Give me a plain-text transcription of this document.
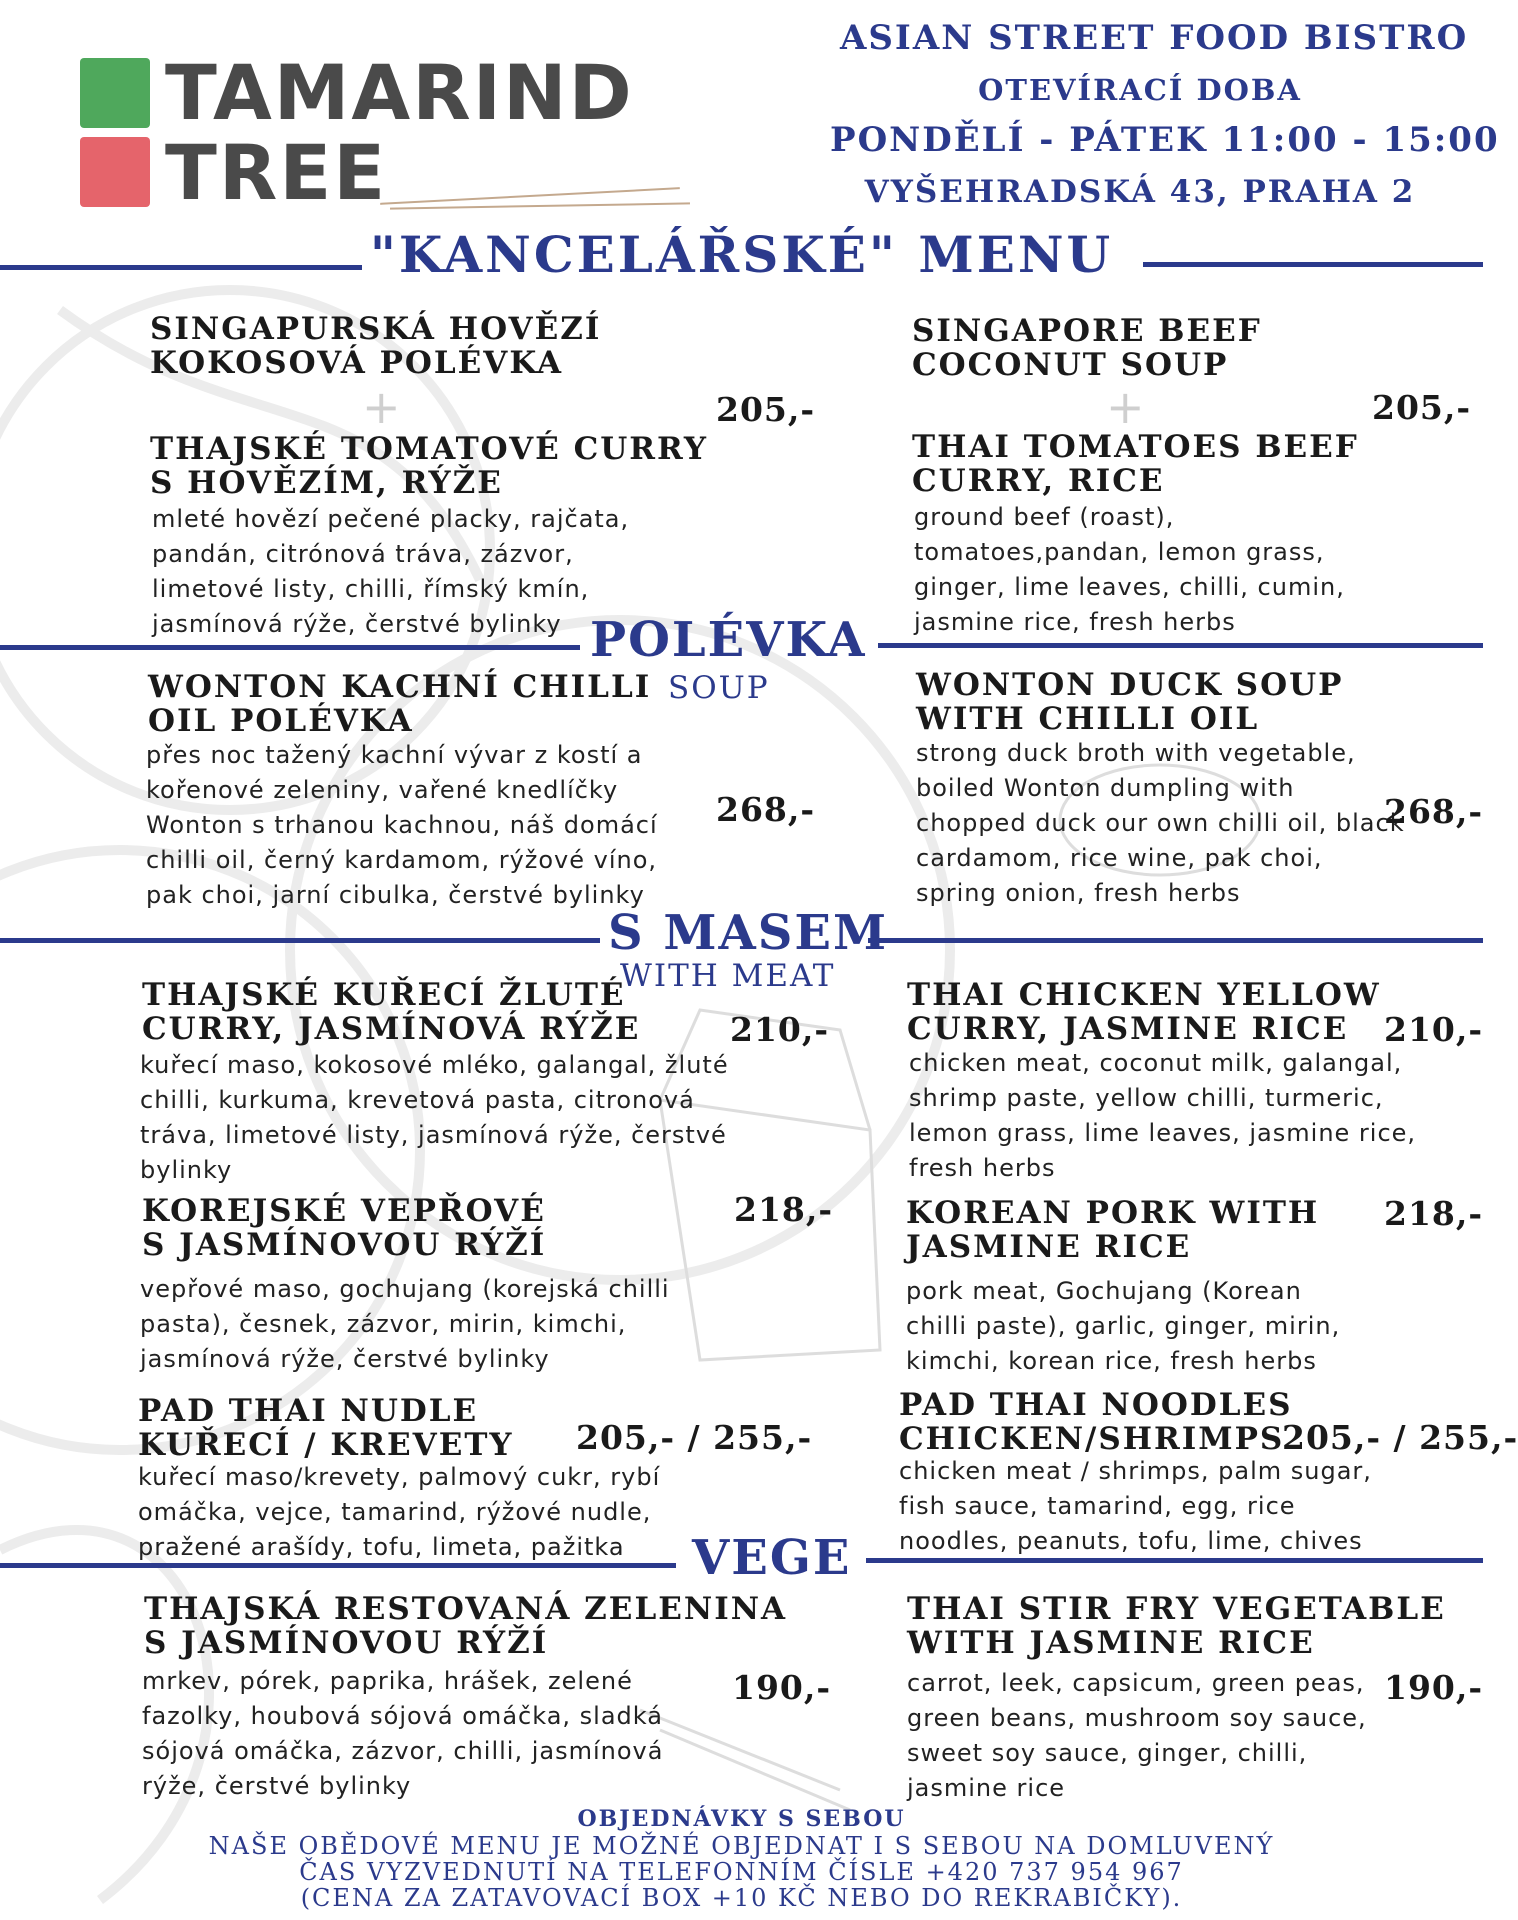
TAMARIND
TREE
ASIAN STREET FOOD BISTRO
OTEVÍRACÍ DOBA
PONDĚLÍ - PÁTEK 11:00 - 15:00
VYŠEHRADSKÁ 43, PRAHA 2
"KANCELÁŘSKÉ" MENU
SINGAPURSKÁ HOVĚZÍ
KOKOSOVÁ POLÉVKA
+	205,-
THAJSKÉ TOMATOVÉ CURRY
S HOVĚZÍM, RÝŽE
mleté hovězí pečené placky, rajčata, pandán, citrónová tráva, zázvor, limetové listy, chilli, římský kmín, jasmínová rýže, čerstvé bylinky
SINGAPORE BEEF
COCONUT SOUP
+	205,-
THAI TOMATOES BEEF
CURRY, RICE
ground beef (roast), tomatoes,pandan, lemon grass, ginger, lime leaves, chilli, cumin, jasmine rice, fresh herbs
POLÉVKA
SOUP
WONTON KACHNÍ CHILLI
OIL POLÉVKA
přes noc tažený kachní vývar z kostí a kořenové zeleniny, vařené knedlíčky Wonton s trhanou kachnou, náš domácí chilli oil, černý kardamom, rýžové víno, pak choi, jarní cibulka, čerstvé bylinky
268,-
WONTON DUCK SOUP
WITH CHILLI OIL
strong duck broth with vegetable, boiled Wonton dumpling with chopped duck our own chilli oil, black cardamom, rice wine, pak choi, spring onion, fresh herbs
268,-
S MASEM
WITH MEAT
THAJSKÉ KUŘECÍ ŽLUTÉ
CURRY, JASMÍNOVÁ RÝŽE	210,-
kuřecí maso, kokosové mléko, galangal, žluté chilli, kurkuma, krevetová pasta, citronová tráva, limetové listy, jasmínová rýže, čerstvé bylinky
THAI CHICKEN YELLOW
CURRY, JASMINE RICE	210,-
chicken meat, coconut milk, galangal, shrimp paste, yellow chilli, turmeric, lemon grass, lime leaves, jasmine rice, fresh herbs
KOREJSKÉ VEPŘOVÉ
S JASMÍNOVOU RÝŽÍ
218,-
vepřové maso, gochujang (korejská chilli pasta), česnek, zázvor, mirin, kimchi, jasmínová rýže, čerstvé bylinky
KOREAN PORK WITH
JASMINE RICE
218,-
pork meat, Gochujang (Korean chilli paste), garlic, ginger, mirin, kimchi, korean rice, fresh herbs
PAD THAI NUDLE
KUŘECÍ / KREVETY 205,- / 255,-
kuřecí maso/krevety, palmový cukr, rybí omáčka, vejce, tamarind, rýžové nudle, pražené arašídy, tofu, limeta, pažitka
PAD THAI NOODLES
CHICKEN/SHRIMPS
205,- / 255,-
chicken meat / shrimps, palm sugar, fish sauce, tamarind, egg, rice noodles, peanuts, tofu, lime, chives
VEGE
THAJSKÁ RESTOVANÁ ZELENINA
S JASMÍNOVOU RÝŽÍ
mrkev, pórek, paprika, hrášek, zelené fazolky, houbová sójová omáčka, sladká sójová omáčka, zázvor, chilli, jasmínová rýže, čerstvé bylinky
190,-
THAI STIR FRY VEGETABLE
WITH JASMINE RICE
carrot, leek, capsicum, green peas, green beans, mushroom soy sauce, sweet soy sauce, ginger, chilli, jasmine rice
190,-
OBJEDNÁVKY S SEBOU
NAŠE OBĚDOVÉ MENU JE MOŽNÉ OBJEDNAT I S SEBOU NA DOMLUVENÝ
ČAS VYZVEDNUTÍ NA TELEFONNÍM ČÍSLE +420 737 954 967
(CENA ZA ZATAVOVACÍ BOX +10 KČ NEBO DO REKRABIČKY).
